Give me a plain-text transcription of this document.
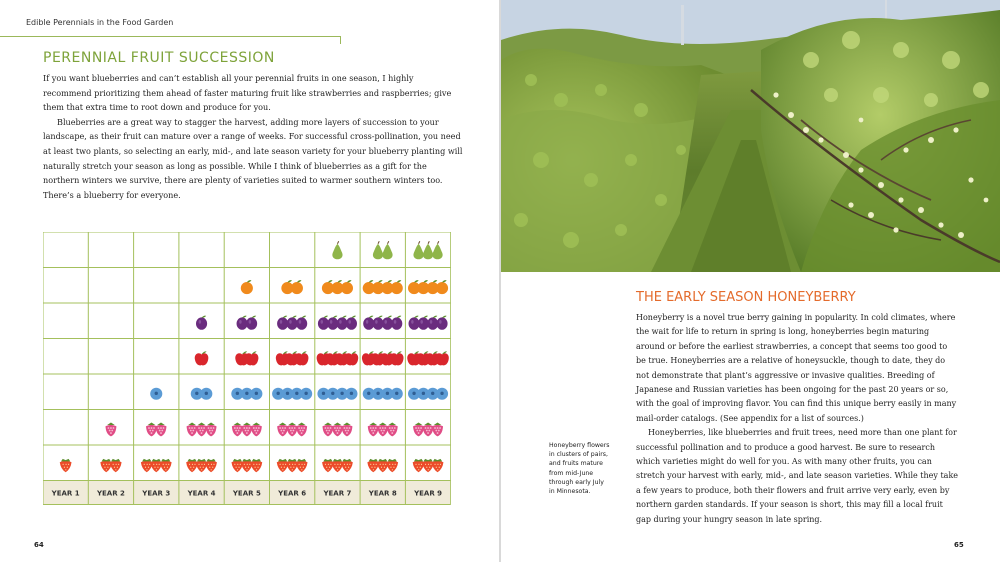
Edible Perennials in the Food Garden
PERENNIAL FRUIT SUCCESSION

If you want blueberries and can’t establish all your perennial fruits in one season, I highly recommend prioritizing them ahead of faster maturing fruit like strawberries and raspberries; give them that extra time to root down and produce for you.

Blueberries are a great way to stagger the harvest, adding more layers of succession to your landscape, as their fruit can mature over a range of weeks. For successful cross-pollination, you need at least two plants, so selecting an early, mid-, and late season variety for your blueberry planting will naturally stretch your season as long as possible. While I think of blueberries as a gift for the northern winters we survive, there are plenty of varieties suited to warmer southern winters too. There’s a blueberry for everyone.

YEAR 1 YEAR 2 YEAR 3 YEAR 4 YEAR 5 YEAR 6 YEAR 7 YEAR 8 YEAR 9
64
THE EARLY SEASON HONEYBERRY

Honeyberry is a novel true berry gaining in popularity. In cold climates, where the wait for life to return in spring is long, honeyberries begin maturing around or before the earliest strawberries, a concept that seems too good to be true. Honeyberries are a relative of honeysuckle, though to date, they do not demonstrate that plant’s aggressive or invasive qualities. Breeding of Japanese and Russian varieties has been ongoing for the past 20 years or so, with the goal of improving flavor. You can find this unique berry easily in many mail-order catalogs. (See appendix for a list of sources.)

Honeyberries, like blueberries and fruit trees, need more than one plant for successful pollination and to produce a good harvest. Be sure to research which varieties might do well for you. As with many other fruits, you can stretch your harvest with early, mid-, and late season varieties. While they take a few years to produce, both their flowers and fruit arrive very early, even by northern garden standards. If your season is short, this may fill a local fruit gap during your hungry season in late spring.

Honeyberry flowers in clusters of pairs, and fruits mature from mid-June through early July in Minnesota.
65
